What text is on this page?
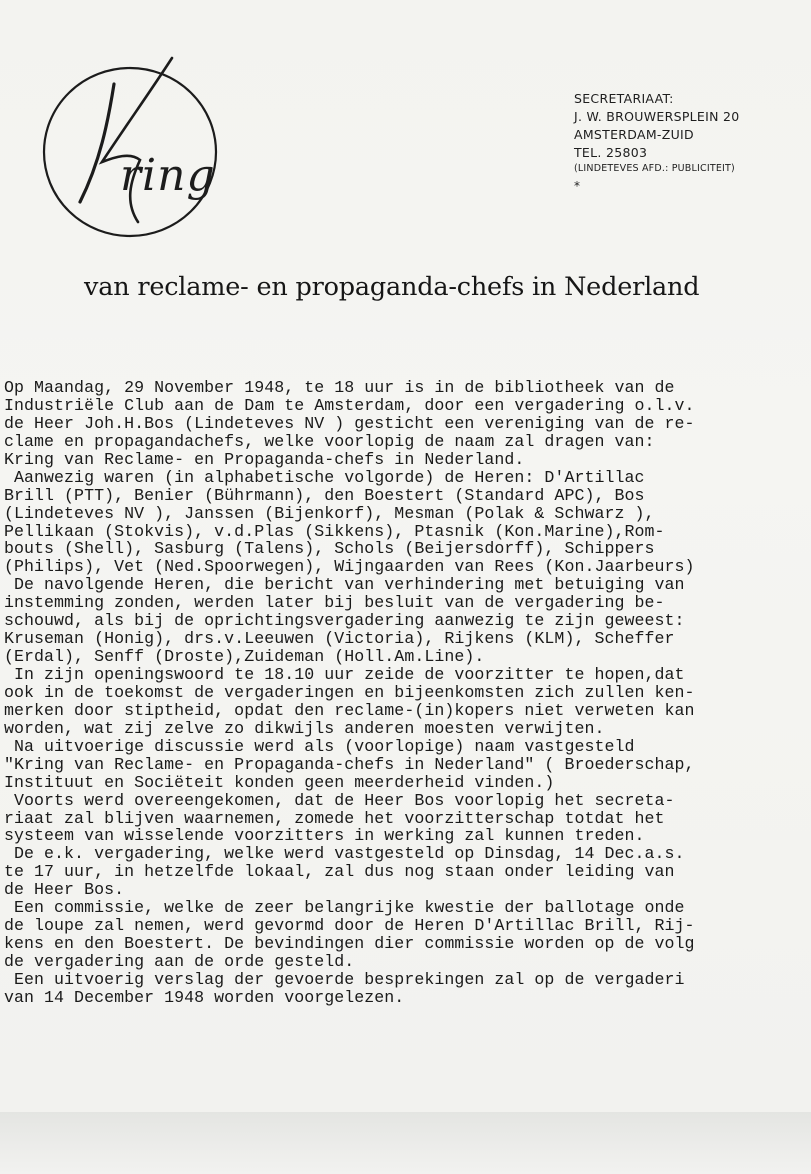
ring
SECRETARIAAT:
J. W. BROUWERSPLEIN 20
AMSTERDAM-ZUID
TEL. 25803
(LINDETEVES AFD.: PUBLICITEIT)
*
van reclame- en propaganda-chefs in Nederland
Op Maandag, 29 November 1948, te 18 uur is in de bibliotheek van de
Industriële Club aan de Dam te Amsterdam, door een vergadering o.l.v.
de Heer Joh.H.Bos (Lindeteves NV ) gesticht een vereniging van de re-
clame en propagandachefs, welke voorlopig de naam zal dragen van:
Kring van Reclame- en Propaganda-chefs in Nederland.
Aanwezig waren (in alphabetische volgorde) de Heren: D'Artillac
Brill (PTT), Benier (Bührmann), den Boestert (Standard APC), Bos
(Lindeteves NV ), Janssen (Bijenkorf), Mesman (Polak & Schwarz ),
Pellikaan (Stokvis), v.d.Plas (Sikkens), Ptasnik (Kon.Marine),Rom-
bouts (Shell), Sasburg (Talens), Schols (Beijersdorff), Schippers
(Philips), Vet (Ned.Spoorwegen), Wijngaarden van Rees (Kon.Jaarbeurs)
De navolgende Heren, die bericht van verhindering met betuiging van
instemming zonden, werden later bij besluit van de vergadering be-
schouwd, als bij de oprichtingsvergadering aanwezig te zijn geweest:
Kruseman (Honig), drs.v.Leeuwen (Victoria), Rijkens (KLM), Scheffer
(Erdal), Senff (Droste),Zuideman (Holl.Am.Line).
In zijn openingswoord te 18.10 uur zeide de voorzitter te hopen,dat
ook in de toekomst de vergaderingen en bijeenkomsten zich zullen ken-
merken door stiptheid, opdat den reclame-(in)kopers niet verweten kan
worden, wat zij zelve zo dikwijls anderen moesten verwijten.
Na uitvoerige discussie werd als (voorlopige) naam vastgesteld
"Kring van Reclame- en Propaganda-chefs in Nederland" ( Broederschap,
Instituut en Sociëteit konden geen meerderheid vinden.)
Voorts werd overeengekomen, dat de Heer Bos voorlopig het secreta-
riaat zal blijven waarnemen, zomede het voorzitterschap totdat het
systeem van wisselende voorzitters in werking zal kunnen treden.
De e.k. vergadering, welke werd vastgesteld op Dinsdag, 14 Dec.a.s.
te 17 uur, in hetzelfde lokaal, zal dus nog staan onder leiding van
de Heer Bos.
Een commissie, welke de zeer belangrijke kwestie der ballotage onde
de loupe zal nemen, werd gevormd door de Heren D'Artillac Brill, Rij-
kens en den Boestert. De bevindingen dier commissie worden op de volg
de vergadering aan de orde gesteld.
Een uitvoerig verslag der gevoerde besprekingen zal op de vergaderi
van 14 December 1948 worden voorgelezen.
